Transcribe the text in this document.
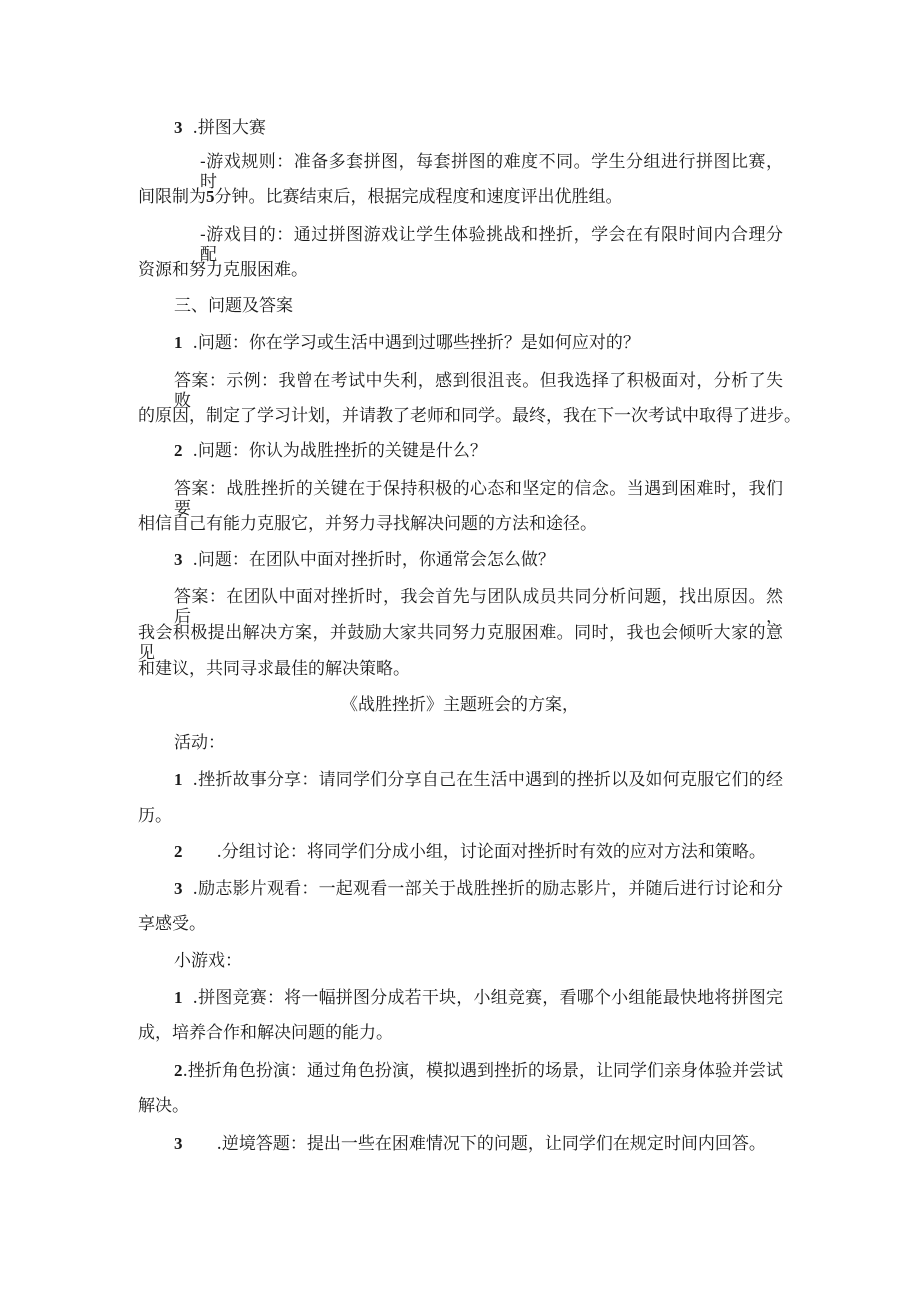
3 .拼图大赛
-游戏规则：准备多套拼图，每套拼图的难度不同。学生分组进行拼图比赛，时
间限制为5分钟。比赛结束后，根据完成程度和速度评出优胜组。
-游戏目的：通过拼图游戏让学生体验挑战和挫折，学会在有限时间内合理分配
资源和努力克服困难。
三、问题及答案
1 .问题：你在学习或生活中遇到过哪些挫折？是如何应对的？
答案：示例：我曾在考试中失利，感到很沮丧。但我选择了积极面对，分析了失败
的原因，制定了学习计划，并请教了老师和同学。最终，我在下一次考试中取得了进步。
2 .问题：你认为战胜挫折的关键是什么？
答案：战胜挫折的关键在于保持积极的心态和坚定的信念。当遇到困难时，我们要
相信自己有能力克服它，并努力寻找解决问题的方法和途径。
3 .问题：在团队中面对挫折时，你通常会怎么做？
答案：在团队中面对挫折时，我会首先与团队成员共同分析问题，找出原因。然后，
我会积极提出解决方案，并鼓励大家共同努力克服困难。同时，我也会倾听大家的意见
和建议，共同寻求最佳的解决策略。
《战胜挫折》主题班会的方案，
活动：
1 .挫折故事分享：请同学们分享自己在生活中遇到的挫折以及如何克服它们的经
历。
2 .分组讨论：将同学们分成小组，讨论面对挫折时有效的应对方法和策略。
3 .励志影片观看：一起观看一部关于战胜挫折的励志影片，并随后进行讨论和分
享感受。
小游戏：
1 .拼图竞赛：将一幅拼图分成若干块，小组竞赛，看哪个小组能最快地将拼图完
成，培养合作和解决问题的能力。
2.挫折角色扮演：通过角色扮演，模拟遇到挫折的场景，让同学们亲身体验并尝试
解决。
3 .逆境答题：提出一些在困难情况下的问题，让同学们在规定时间内回答。
